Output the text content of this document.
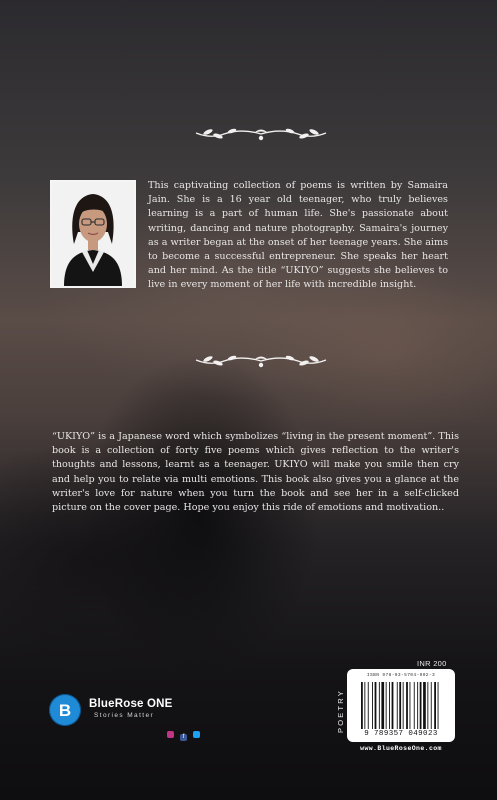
This captivating collection of poems is written by Samaira Jain. She is a 16 year old teenager, who truly believes learning is a part of human life. She's passionate about writing, dancing and nature photography. Samaira's journey as a writer began at the onset of her teenage years. She aims to become a successful entrepreneur. She speaks her heart and her mind. As the title “UKIYO” suggests she believes to live in every moment of her life with incredible insight.

“UKIYO” is a Japanese word which symbolizes “living in the present moment”. This book is a collection of forty five poems which gives reflection to the writer's thoughts and lessons, learnt as a teenager. UKIYO will make you smile then cry and help you to relate via multi emotions. This book also gives you a glance at the writer's love for nature when you turn the book and see her in a self-clicked picture on the cover page. Hope you enjoy this ride of emotions and motivation..

B BlueRose ONE
Stories Matter
f
INR 200
POETRY
ISBN 978-93-5704-902-3
9 789357 049023
www.BlueRoseOne.com
